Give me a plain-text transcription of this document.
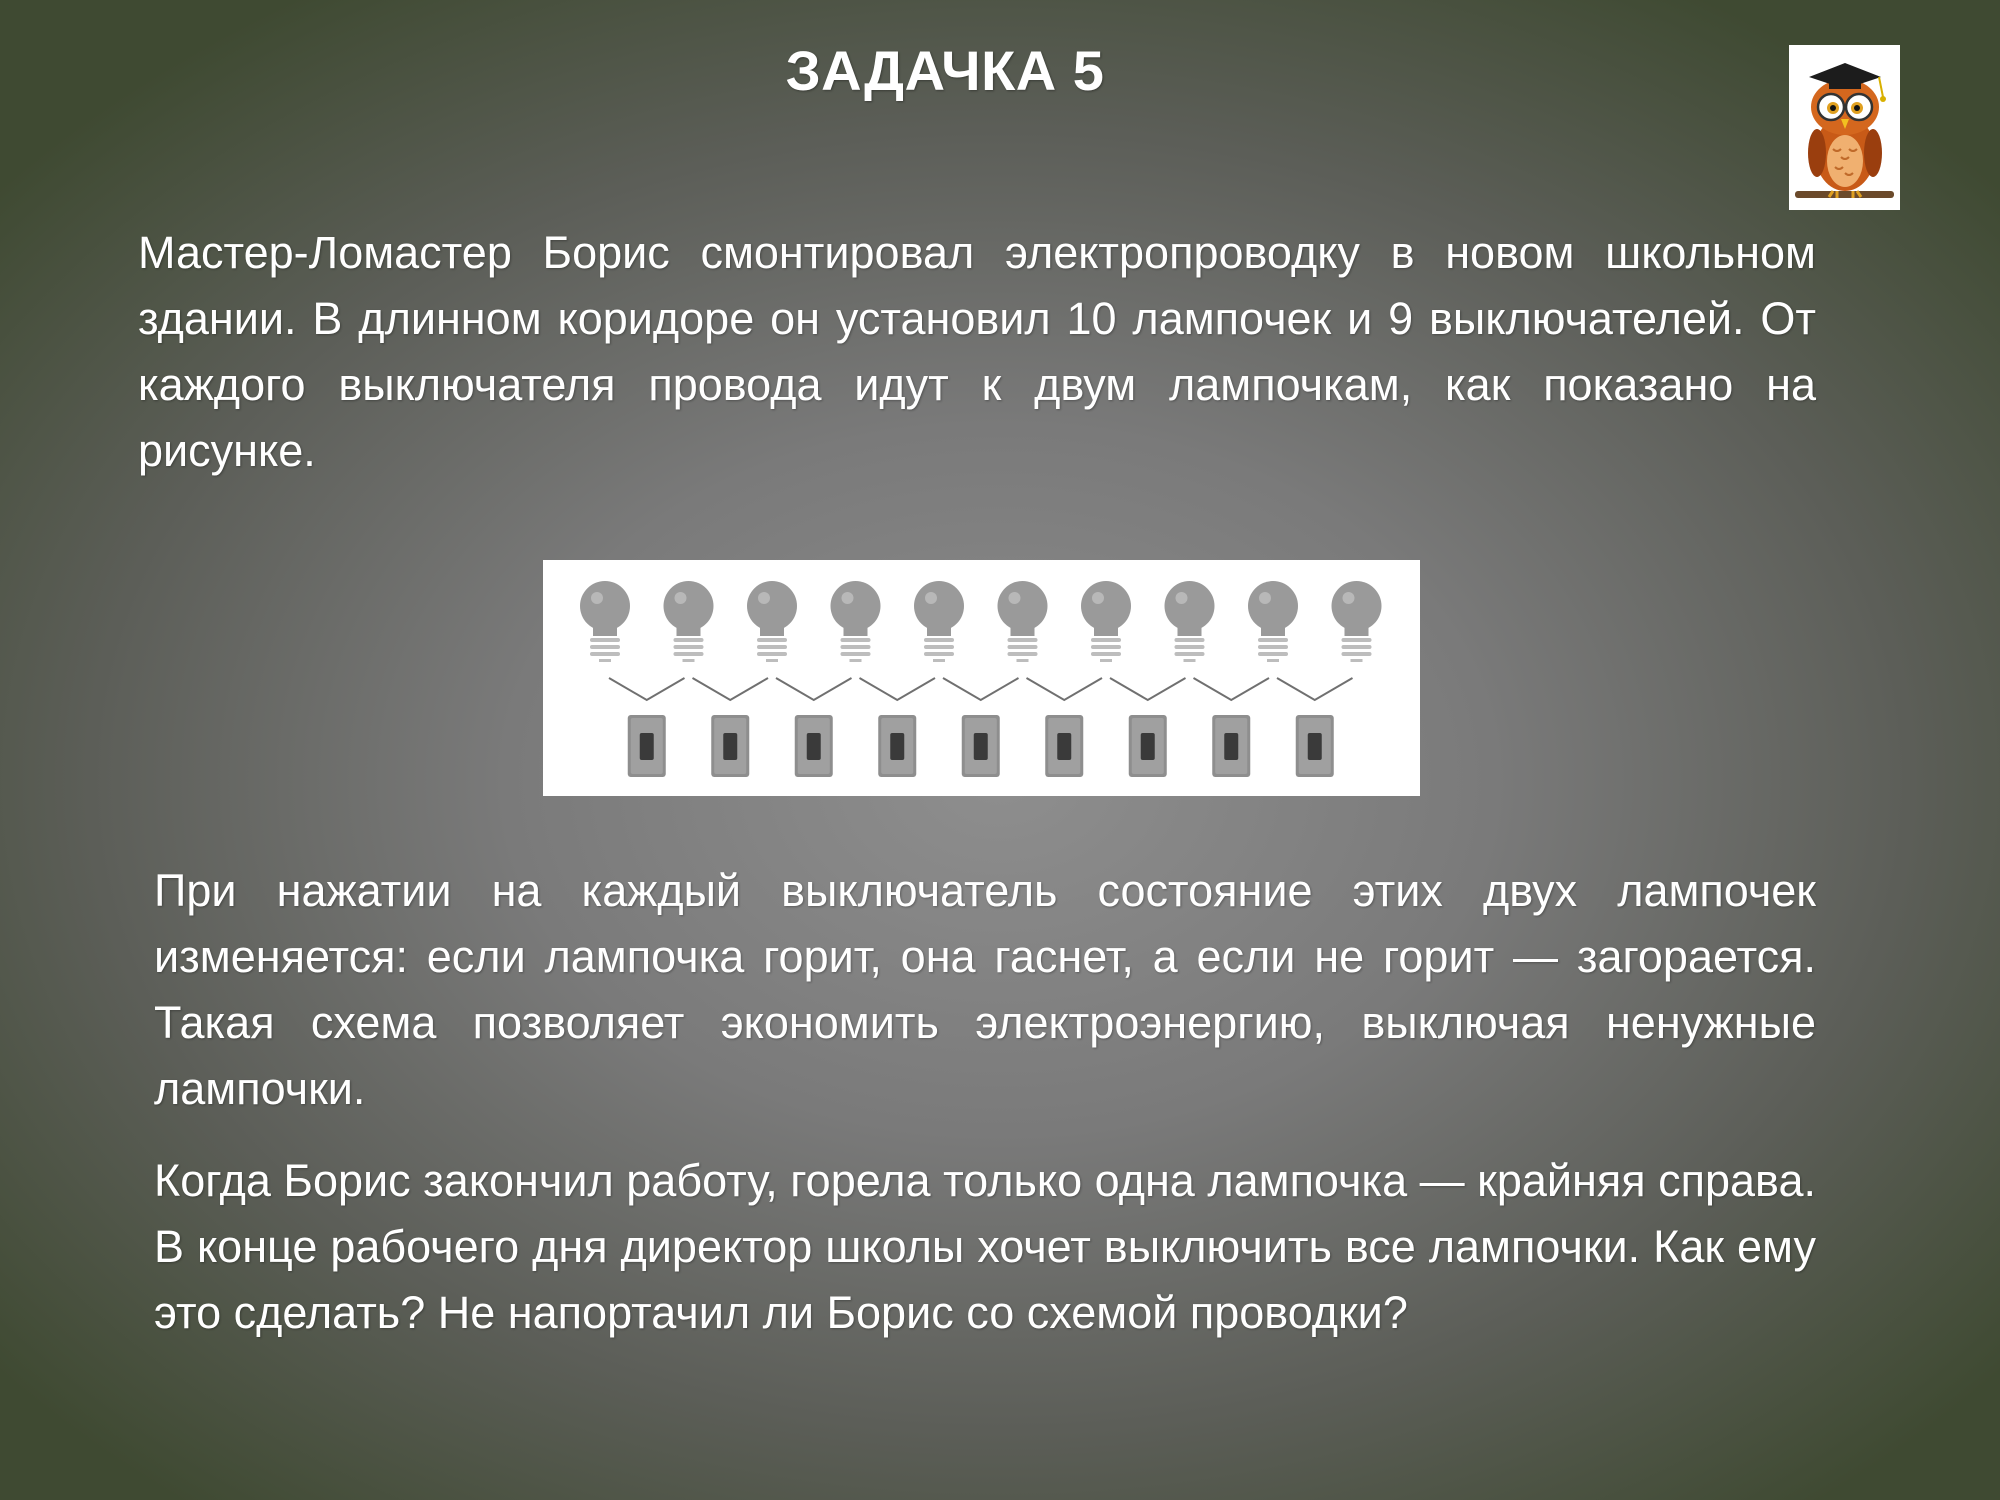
ЗАДАЧКА 5

Мастер-Ломастер Борис смонтировал электропроводку в новом школьном здании. В длинном коридоре он установил 10 лампочек и 9 выключателей. От каждого выключателя провода идут к двум лампочкам, как показано на рисунке.

При нажатии на каждый выключатель состояние этих двух лампочек изменяется: если лампочка горит, она гаснет, а если не горит — загорается. Такая схема позволяет экономить электроэнергию, выключая ненужные лампочки.

Когда Борис закончил работу, горела только одна лампочка — крайняя справа. В конце рабочего дня директор школы хочет выключить все лампочки. Как ему это сделать? Не напортачил ли Борис со схемой проводки?
